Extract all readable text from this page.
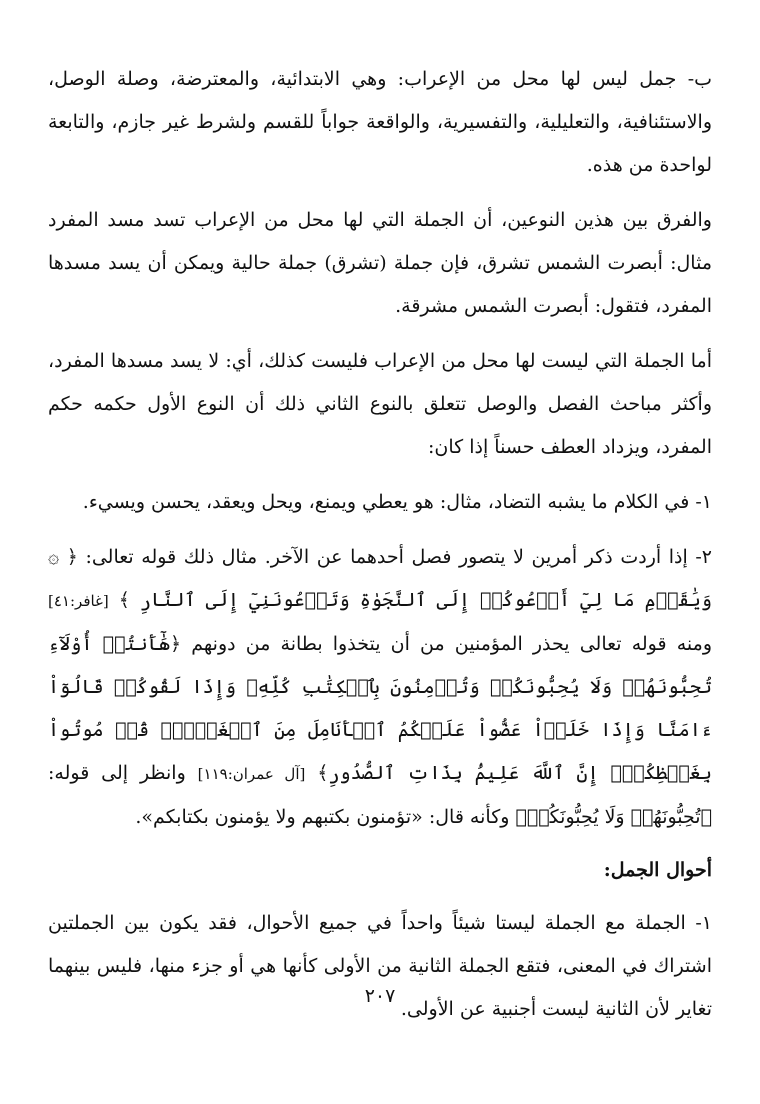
ب- جمل ليس لها محل من الإعراب: وهي الابتدائية، والمعترضة، وصلة الوصل، والاستئنافية، والتعليلية، والتفسيرية، والواقعة جواباً للقسم ولشرط غير جازم، والتابعة لواحدة من هذه.

والفرق بين هذين النوعين، أن الجملة التي لها محل من الإعراب تسد مسد المفرد مثال: أبصرت الشمس تشرق، فإن جملة (تشرق) جملة حالية ويمكن أن يسد مسدها المفرد، فتقول: أبصرت الشمس مشرقة.

أما الجملة التي ليست لها محل من الإعراب فليست كذلك، أي: لا يسد مسدها المفرد، وأكثر مباحث الفصل والوصل تتعلق بالنوع الثاني ذلك أن النوع الأول حكمه حكم المفرد، ويزداد العطف حسناً إذا كان:

١- في الكلام ما يشبه التضاد، مثال: هو يعطي ويمنع، ويحل ويعقد، يحسن ويسيء.

٢- إذا أردت ذكر أمرين لا يتصور فصل أحدهما عن الآخر. مثال ذلك قوله تعالى: ﴿ ۞ وَيَٰقَوۡمِ مَا لِيٓ أَدۡعُوكُمۡ إِلَى ٱلنَّجَوٰةِ وَتَدۡعُونَنِيٓ إِلَى ٱلنَّارِ ﴾ [غافر:٤١] ومنه قوله تعالى يحذر المؤمنين من أن يتخذوا بطانة من دونهم ﴿هَٰٓأَنتُمۡ أُوْلَآءِ تُحِبُّونَهُمۡ وَلَا يُحِبُّونَكُمۡ وَتُؤۡمِنُونَ بِٱلۡكِتَٰبِ كُلِّهِۦ وَإِذَا لَقُوكُمۡ قَالُوٓاْ ءَامَنَّا وَإِذَا خَلَوۡاْ عَضُّواْ عَلَيۡكُمُ ٱلۡأَنَامِلَ مِنَ ٱلۡغَيۡظِۚ قُلۡ مُوتُواْ بِغَيۡظِكُمۡۗ إِنَّ ٱللَّهَ عَلِيمُۢ بِذَاتِ ٱلصُّدُورِ﴾ [آل عمران:١١٩] وانظر إلى قوله: ﴿تُحِبُّونَهُمۡ وَلَا يُحِبُّونَكُمۡ﴾ وكأنه قال: «تؤمنون بكتبهم ولا يؤمنون بكتابكم».

أحوال الجمل:

١- الجملة مع الجملة ليستا شيئاً واحداً في جميع الأحوال، فقد يكون بين الجملتين اشتراك في المعنى، فتقع الجملة الثانية من الأولى كأنها هي أو جزء منها، فليس بينهما تغاير لأن الثانية ليست أجنبية عن الأولى.

٢٠٧
